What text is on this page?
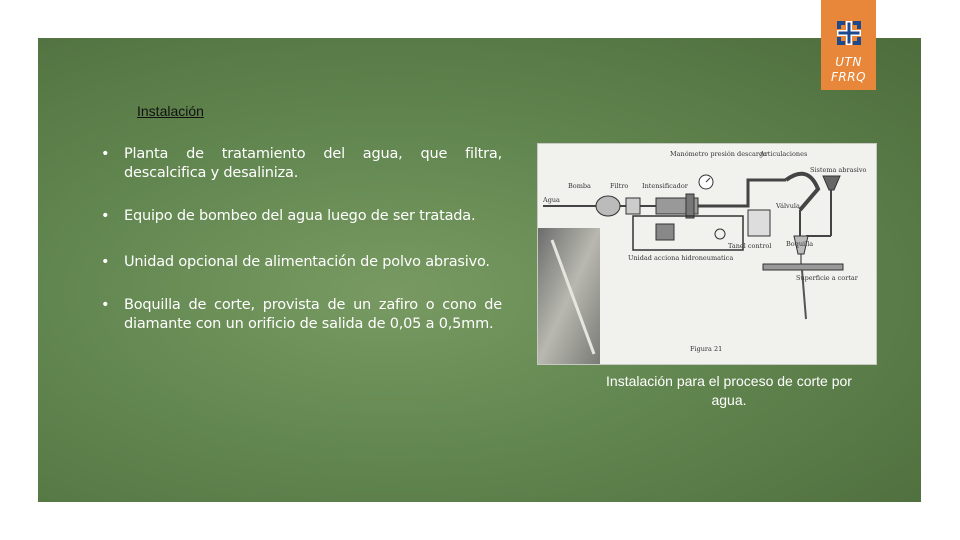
UTN
FRRQ
Instalación
• Planta de tratamiento del agua, que filtra, descalcifica y desaliniza.
• Equipo de bombeo del agua luego de ser tratada.
• Unidad opcional de alimentación de polvo abrasivo.
• Boquilla de corte, provista de un zafiro o cono de diamante con un orificio de salida de 0,05 a 0,5mm.
Manómetro presión descarga
Articulaciones
Bomba	Filtro Intensificador
Agua
Sistema abrasivo
Válvula
Boquilla
Tanel control
Unidad acciona hidroneumatica
Superficie a cortar
Figura 21
Instalación para el proceso de corte por agua.
